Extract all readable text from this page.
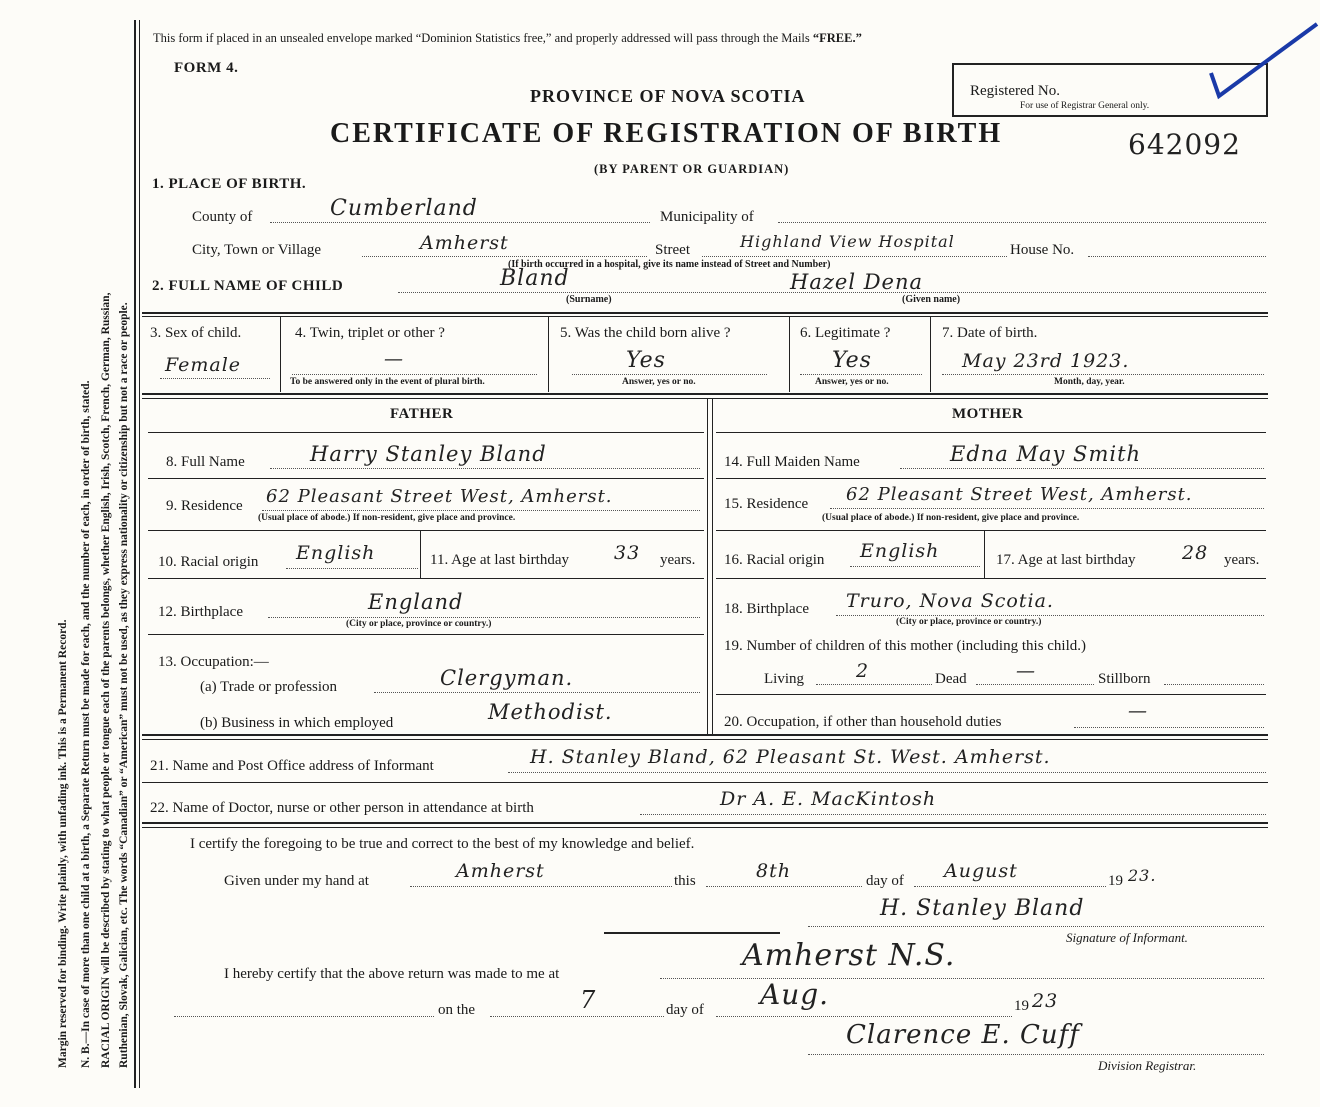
Margin reserved for binding. Write plainly, with unfading ink. This is a Permanent Record. N. B.—In case of more than one child at a birth, a Separate Return must be made for each, and the number of each, in order of birth, stated. RACIAL ORIGIN will be described by stating to what people or tongue each of the parents belongs, whether English, Irish, Scotch, French, German, Russian, Ruthenian, Slovak, Galician, etc. The words “Canadian” or “American” must not be used, as they express nationality or citizenship but not a race or people.
This form if placed in an unsealed envelope marked “Dominion Statistics free,” and properly addressed will pass through the Mails “FREE.”
FORM 4.
PROVINCE OF NOVA SCOTIA
CERTIFICATE OF REGISTRATION OF BIRTH
(BY PARENT OR GUARDIAN)
Registered No.
For use of Registrar General only.
642092
1. PLACE OF BIRTH.
County of	Cumberland	Municipality of
City, Town or Village	Amherst	Street	Highland View Hospital	House No.
(If birth occurred in a hospital, give its name instead of Street and Number)
2. FULL NAME OF CHILD	Bland
(Surname)
Hazel Dena
(Given name)
3. Sex of child.
Female
4. Twin, triplet or other ?
—
To be answered only in the event of plural birth.
5. Was the child born alive ?
Yes
Answer, yes or no.
6. Legitimate ?
Yes
Answer, yes or no.
7. Date of birth.
May 23rd 1923.
Month, day, year.
FATHER	MOTHER
8. Full Name	Harry Stanley Bland
9. Residence 62 Pleasant Street West, Amherst.
(Usual place of abode.) If non-resident, give place and province.
10. Racial origin English	11. Age at last birthday 33 years.
12. Birthplace	England
(City or place, province or country.)
13. Occupation:—
(a) Trade or profession	Clergyman.
(b) Business in which employed	Methodist.
14. Full Maiden Name	Edna May Smith
15. Residence 62 Pleasant Street West, Amherst.
(Usual place of abode.) If non-resident, give place and province.
16. Racial origin English	17. Age at last birthday 28 years.
18. Birthplace Truro, Nova Scotia.
(City or place, province or country.)
19. Number of children of this mother (including this child.)
Living	2	Dead	—	Stillborn
20. Occupation, if other than household duties	—
21. Name and Post Office address of Informant	H. Stanley Bland, 62 Pleasant St. West. Amherst.
22. Name of Doctor, nurse or other person in attendance at birth	Dr A. E. MacKintosh
I certify the foregoing to be true and correct to the best of my knowledge and belief.
Given under my hand at	Amherst	this	8th	day of August	19 23.
H. Stanley Bland
Signature of Informant.
I hereby certify that the above return was made to me at
Amherst N.S.
on the	7	day of Aug.	19 23
Clarence E. Cuff
Division Registrar.
